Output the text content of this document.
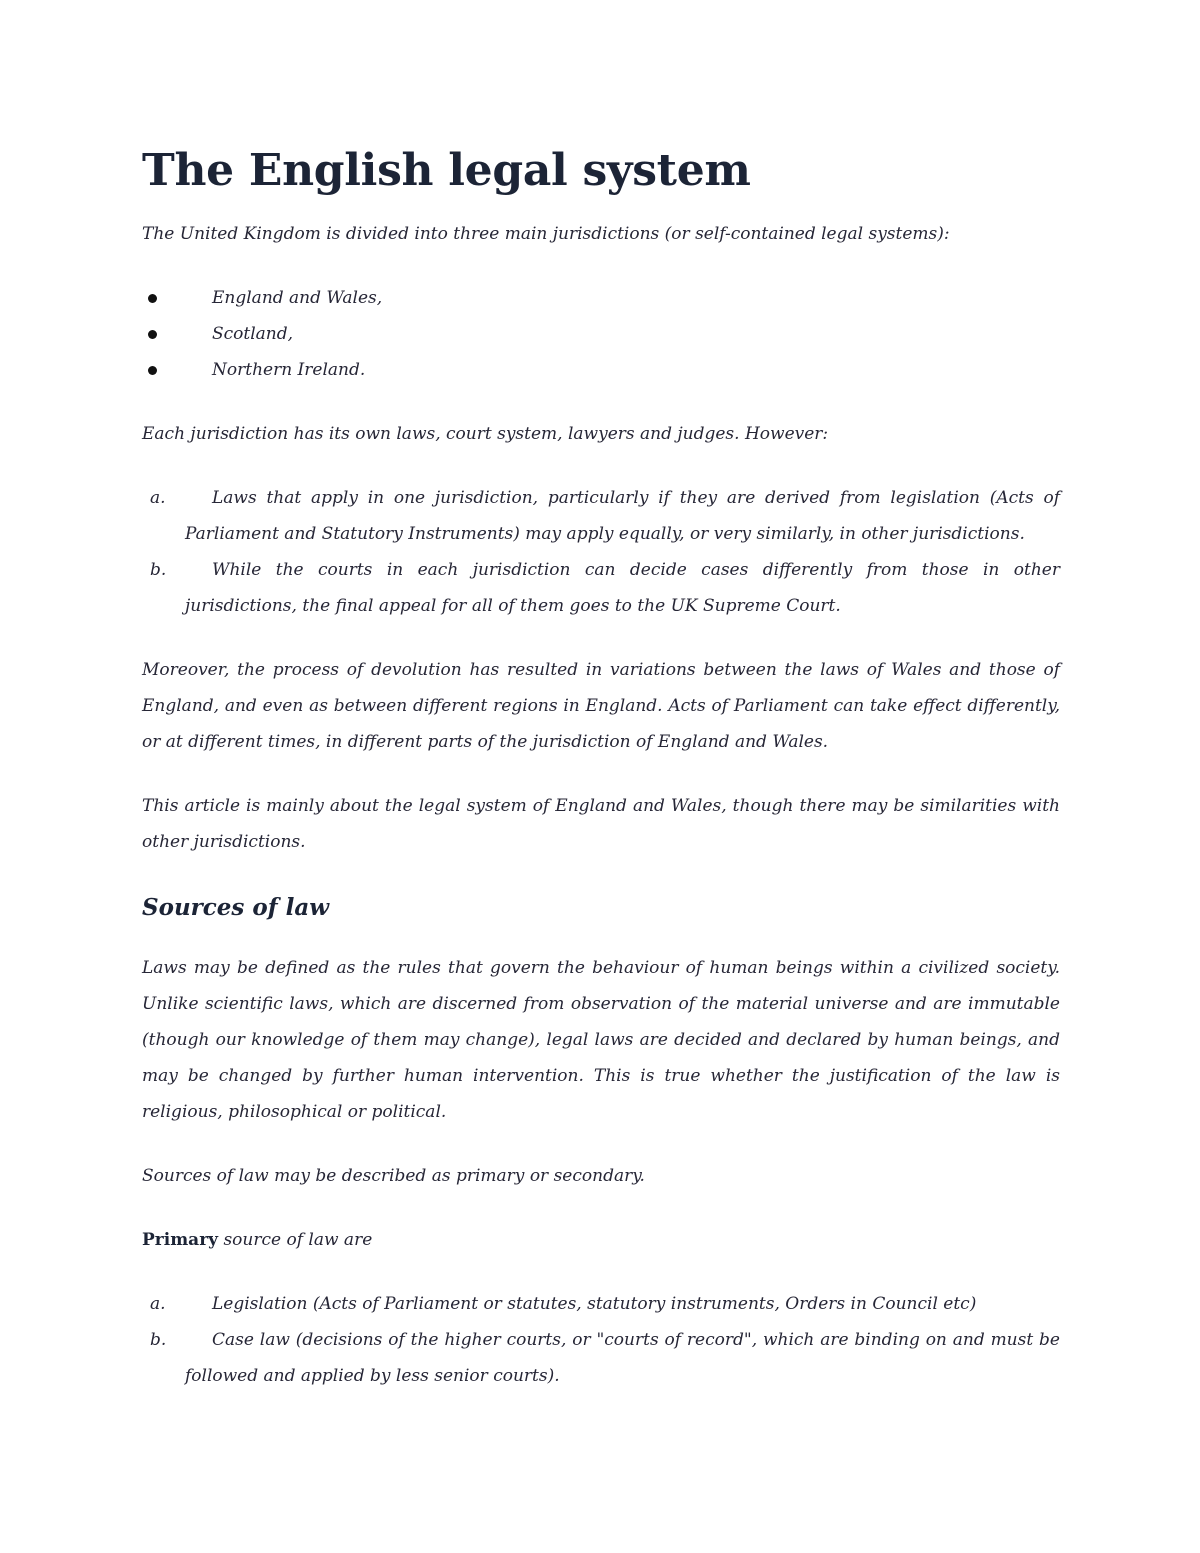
The English legal system

The United Kingdom is divided into three main jurisdictions (or self-contained legal systems):

England and Wales,
Scotland,
Northern Ireland.

Each jurisdiction has its own laws, court system, lawyers and judges. However:

a.	Laws that apply in one jurisdiction, particularly if they are derived from legislation (Acts of Parliament and Statutory Instruments) may apply equally, or very similarly, in other jurisdictions.
b.	While the courts in each jurisdiction can decide cases differently from those in other jurisdictions, the final appeal for all of them goes to the UK Supreme Court.

Moreover, the process of devolution has resulted in variations between the laws of Wales and those of England, and even as between different regions in England. Acts of Parliament can take effect differently, or at different times, in different parts of the jurisdiction of England and Wales.

This article is mainly about the legal system of England and Wales, though there may be similarities with other jurisdictions.

Sources of law

Laws may be defined as the rules that govern the behaviour of human beings within a civilized society. Unlike scientific laws, which are discerned from observation of the material universe and are immutable (though our knowledge of them may change), legal laws are decided and declared by human beings, and may be changed by further human intervention. This is true whether the justification of the law is religious, philosophical or political.

Sources of law may be described as primary or secondary.

Primary source of law are

a.	Legislation (Acts of Parliament or statutes, statutory instruments, Orders in Council etc)
b.	Case law (decisions of the higher courts, or "courts of record", which are binding on and must be followed and applied by less senior courts).
